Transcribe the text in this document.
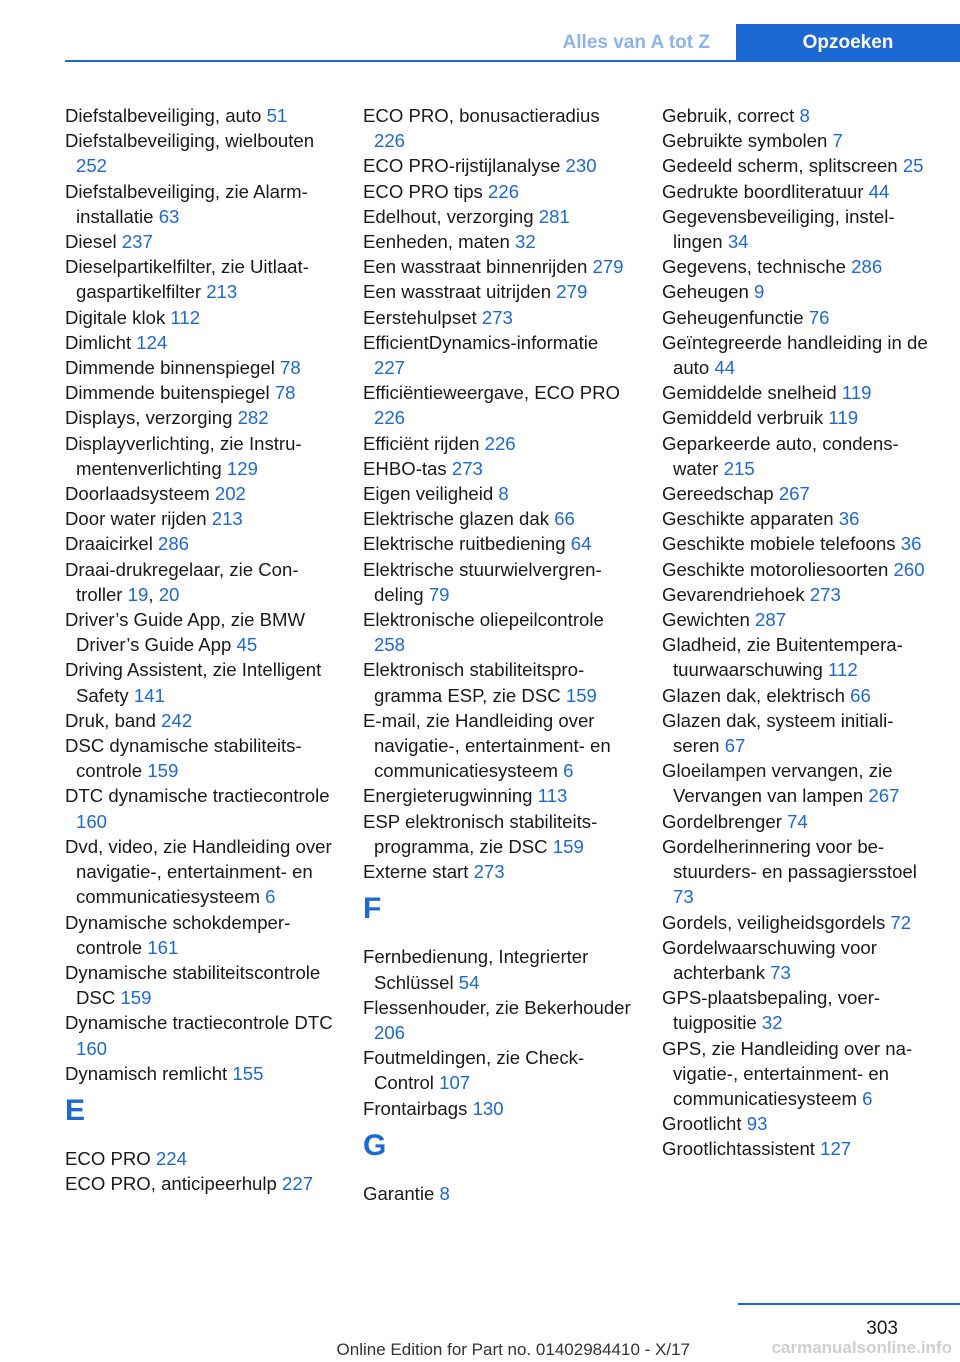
Alles van A tot Z	Opzoeken

Diefstalbeveiliging, auto 51

Diefstalbeveiliging, wielbouten 252

Diefstalbeveiliging, zie Alarminstallatie 63

Diesel 237

Dieselpartikelfilter, zie Uitlaatgaspartikelfilter 213

Digitale klok 112

Dimlicht 124

Dimmende binnenspiegel 78

Dimmende buitenspiegel 78

Displays, verzorging 282

Displayverlichting, zie Instrumentenverlichting 129

Doorlaadsysteem 202

Door water rijden 213

Draaicirkel 286

Draai-drukregelaar, zie Controller 19, 20

Driver’s Guide App, zie BMW Driver’s Guide App 45

Driving Assistent, zie Intelligent Safety 141

Druk, band 242

DSC dynamische stabiliteitscontrole 159

DTC dynamische tractiecontrole 160

Dvd, video, zie Handleiding over navigatie-, entertainment- en communicatiesysteem 6

Dynamische schokdempercontrole 161

Dynamische stabiliteitscontrole DSC 159

Dynamische tractiecontrole DTC 160

Dynamisch remlicht 155

E

ECO PRO 224

ECO PRO, anticipeerhulp 227

ECO PRO, bonusactieradius 226

ECO PRO-rijstijlanalyse 230

ECO PRO tips 226

Edelhout, verzorging 281

Eenheden, maten 32

Een wasstraat binnenrijden 279

Een wasstraat uitrijden 279

Eerstehulpset 273

EfficientDynamics-informatie 227

Efficiëntieweergave, ECO PRO 226

Efficiënt rijden 226

EHBO-tas 273

Eigen veiligheid 8

Elektrische glazen dak 66

Elektrische ruitbediening 64

Elektrische stuurwielvergrendeling 79

Elektronische oliepeilcontrole 258

Elektronisch stabiliteitsprogramma ESP, zie DSC 159

E-mail, zie Handleiding over navigatie-, entertainment- en communicatiesysteem 6

Energieterugwinning 113

ESP elektronisch stabiliteitsprogramma, zie DSC 159

Externe start 273

F

Fernbedienung, Integrierter Schlüssel 54

Flessenhouder, zie Bekerhouder 206

Foutmeldingen, zie Check-Control 107

Frontairbags 130

G

Garantie 8

Gebruik, correct 8

Gebruikte symbolen 7

Gedeeld scherm, splitscreen 25

Gedrukte boordliteratuur 44

Gegevensbeveiliging, instellingen 34

Gegevens, technische 286

Geheugen 9

Geheugenfunctie 76

Geïntegreerde handleiding in de auto 44

Gemiddelde snelheid 119

Gemiddeld verbruik 119

Geparkeerde auto, condenswater 215

Gereedschap 267

Geschikte apparaten 36

Geschikte mobiele telefoons 36

Geschikte motoroliesoorten 260

Gevarendriehoek 273

Gewichten 287

Gladheid, zie Buitentemperatuurwaarschuwing 112

Glazen dak, elektrisch 66

Glazen dak, systeem initialiseren 67

Gloeilampen vervangen, zie Vervangen van lampen 267

Gordelbrenger 74

Gordelherinnering voor bestuurders- en passagiersstoel 73

Gordels, veiligheidsgordels 72

Gordelwaarschuwing voor achterbank 73

GPS-plaatsbepaling, voertuigpositie 32

GPS, zie Handleiding over navigatie-, entertainment- en communicatiesysteem 6

Grootlicht 93

Grootlichtassistent 127

303
Online Edition for Part no. 01402984410 - X/17	carmanualsonline.info
